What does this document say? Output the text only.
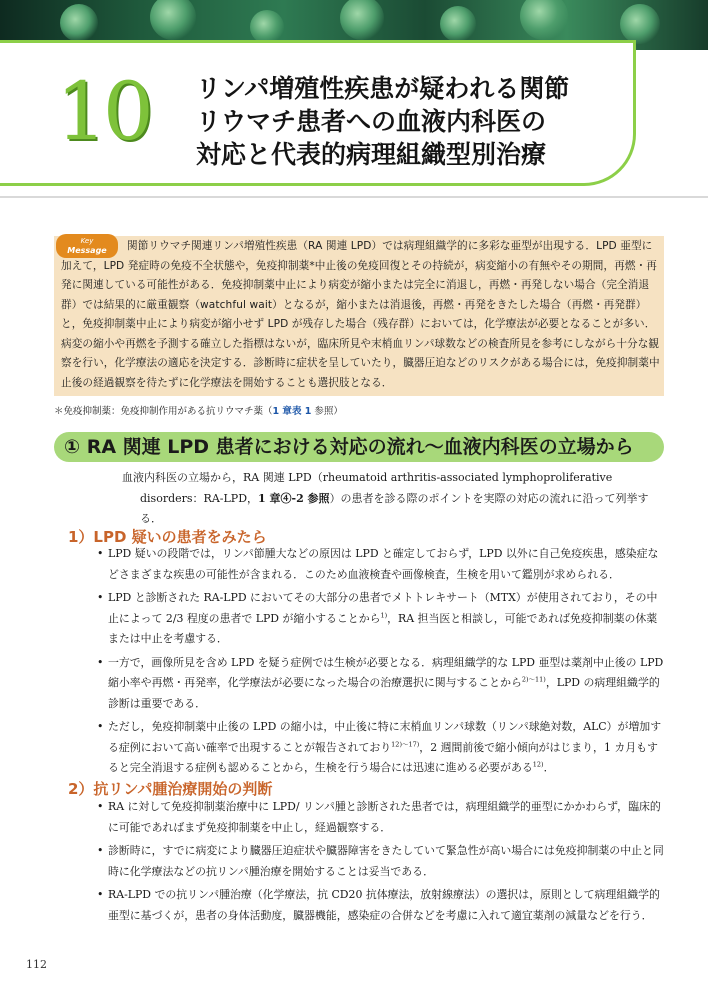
10 リンパ増殖性疾患が疑われる関節
リウマチ患者への血液内科医の
対応と代表的病理組織型別治療
Key
Message	関節リウマチ関連リンパ増殖性疾患（RA 関連 LPD）では病理組織学的に多彩な亜型が出現する．LPD 亜型に加えて，LPD 発症時の免疫不全状態や，免疫抑制薬*中止後の免疫回復とその持続が，病変縮小の有無やその期間，再燃・再発に関連している可能性がある．免疫抑制薬中止により病変が縮小または完全に消退し，再燃・再発しない場合（完全消退群）では結果的に厳重観察（watchful wait）となるが，縮小または消退後，再燃・再発をきたした場合（再燃・再発群）と，免疫抑制薬中止により病変が縮小せず LPD が残存した場合（残存群）においては，化学療法が必要となることが多い．病変の縮小や再燃を予測する確立した指標はないが，臨床所見や末梢血リンパ球数などの検査所見を参考にしながら十分な観察を行い，化学療法の適応を決定する．診断時に症状を呈していたり，臓器圧迫などのリスクがある場合には，免疫抑制薬中止後の経過観察を待たずに化学療法を開始することも選択肢となる．
＊免疫抑制薬：免疫抑制作用がある抗リウマチ薬（1 章表 1 参照）
① RA 関連 LPD 患者における対応の流れ～血液内科医の立場から
血液内科医の立場から，RA 関連 LPD（rheumatoid arthritis-associated lymphoproliferative disorders：RA-LPD，1 章④-2 参照）の患者を診る際のポイントを実際の対応の流れに沿って列挙する．
1）LPD 疑いの患者をみたら
• LPD 疑いの段階では，リンパ節腫大などの原因は LPD と確定しておらず，LPD 以外に自己免疫疾患，感染症などさまざまな疾患の可能性が含まれる．このため血液検査や画像検査，生検を用いて鑑別が求められる．
• LPD と診断された RA-LPD においてその大部分の患者でメトトレキサート（MTX）が使用されており，その中止によって 2/3 程度の患者で LPD が縮小することから$^{1)}$，RA 担当医と相談し，可能であれば免疫抑制薬の休薬または中止を考慮する．
• 一方で，画像所見を含め LPD を疑う症例では生検が必要となる．病理組織学的な LPD 亜型は薬剤中止後の LPD 縮小率や再燃・再発率，化学療法が必要になった場合の治療選択に関与することから$^{2)\sim 11)}$，LPD の病理組織学的診断は重要である．
• ただし，免疫抑制薬中止後の LPD の縮小は，中止後に特に末梢血リンパ球数（リンパ球絶対数，ALC）が増加する症例において高い確率で出現することが報告されており$^{12)\sim 17)}$，2 週間前後で縮小傾向がはじまり，1 カ月もすると完全消退する症例も認めることから，生検を行う場合には迅速に進める必要がある$^{12)}$．
2）抗リンパ腫治療開始の判断
• RA に対して免疫抑制薬治療中に LPD/ リンパ腫と診断された患者では，病理組織学的亜型にかかわらず，臨床的に可能であればまず免疫抑制薬を中止し，経過観察する．
• 診断時に，すでに病変により臓器圧迫症状や臓器障害をきたしていて緊急性が高い場合には免疫抑制薬の中止と同時に化学療法などの抗リンパ腫治療を開始することは妥当である．
• RA-LPD での抗リンパ腫治療（化学療法，抗 CD20 抗体療法，放射線療法）の選択は，原則として病理組織学的亜型に基づくが，患者の身体活動度，臓器機能，感染症の合併などを考慮に入れて適宜薬剤の減量などを行う．
112
